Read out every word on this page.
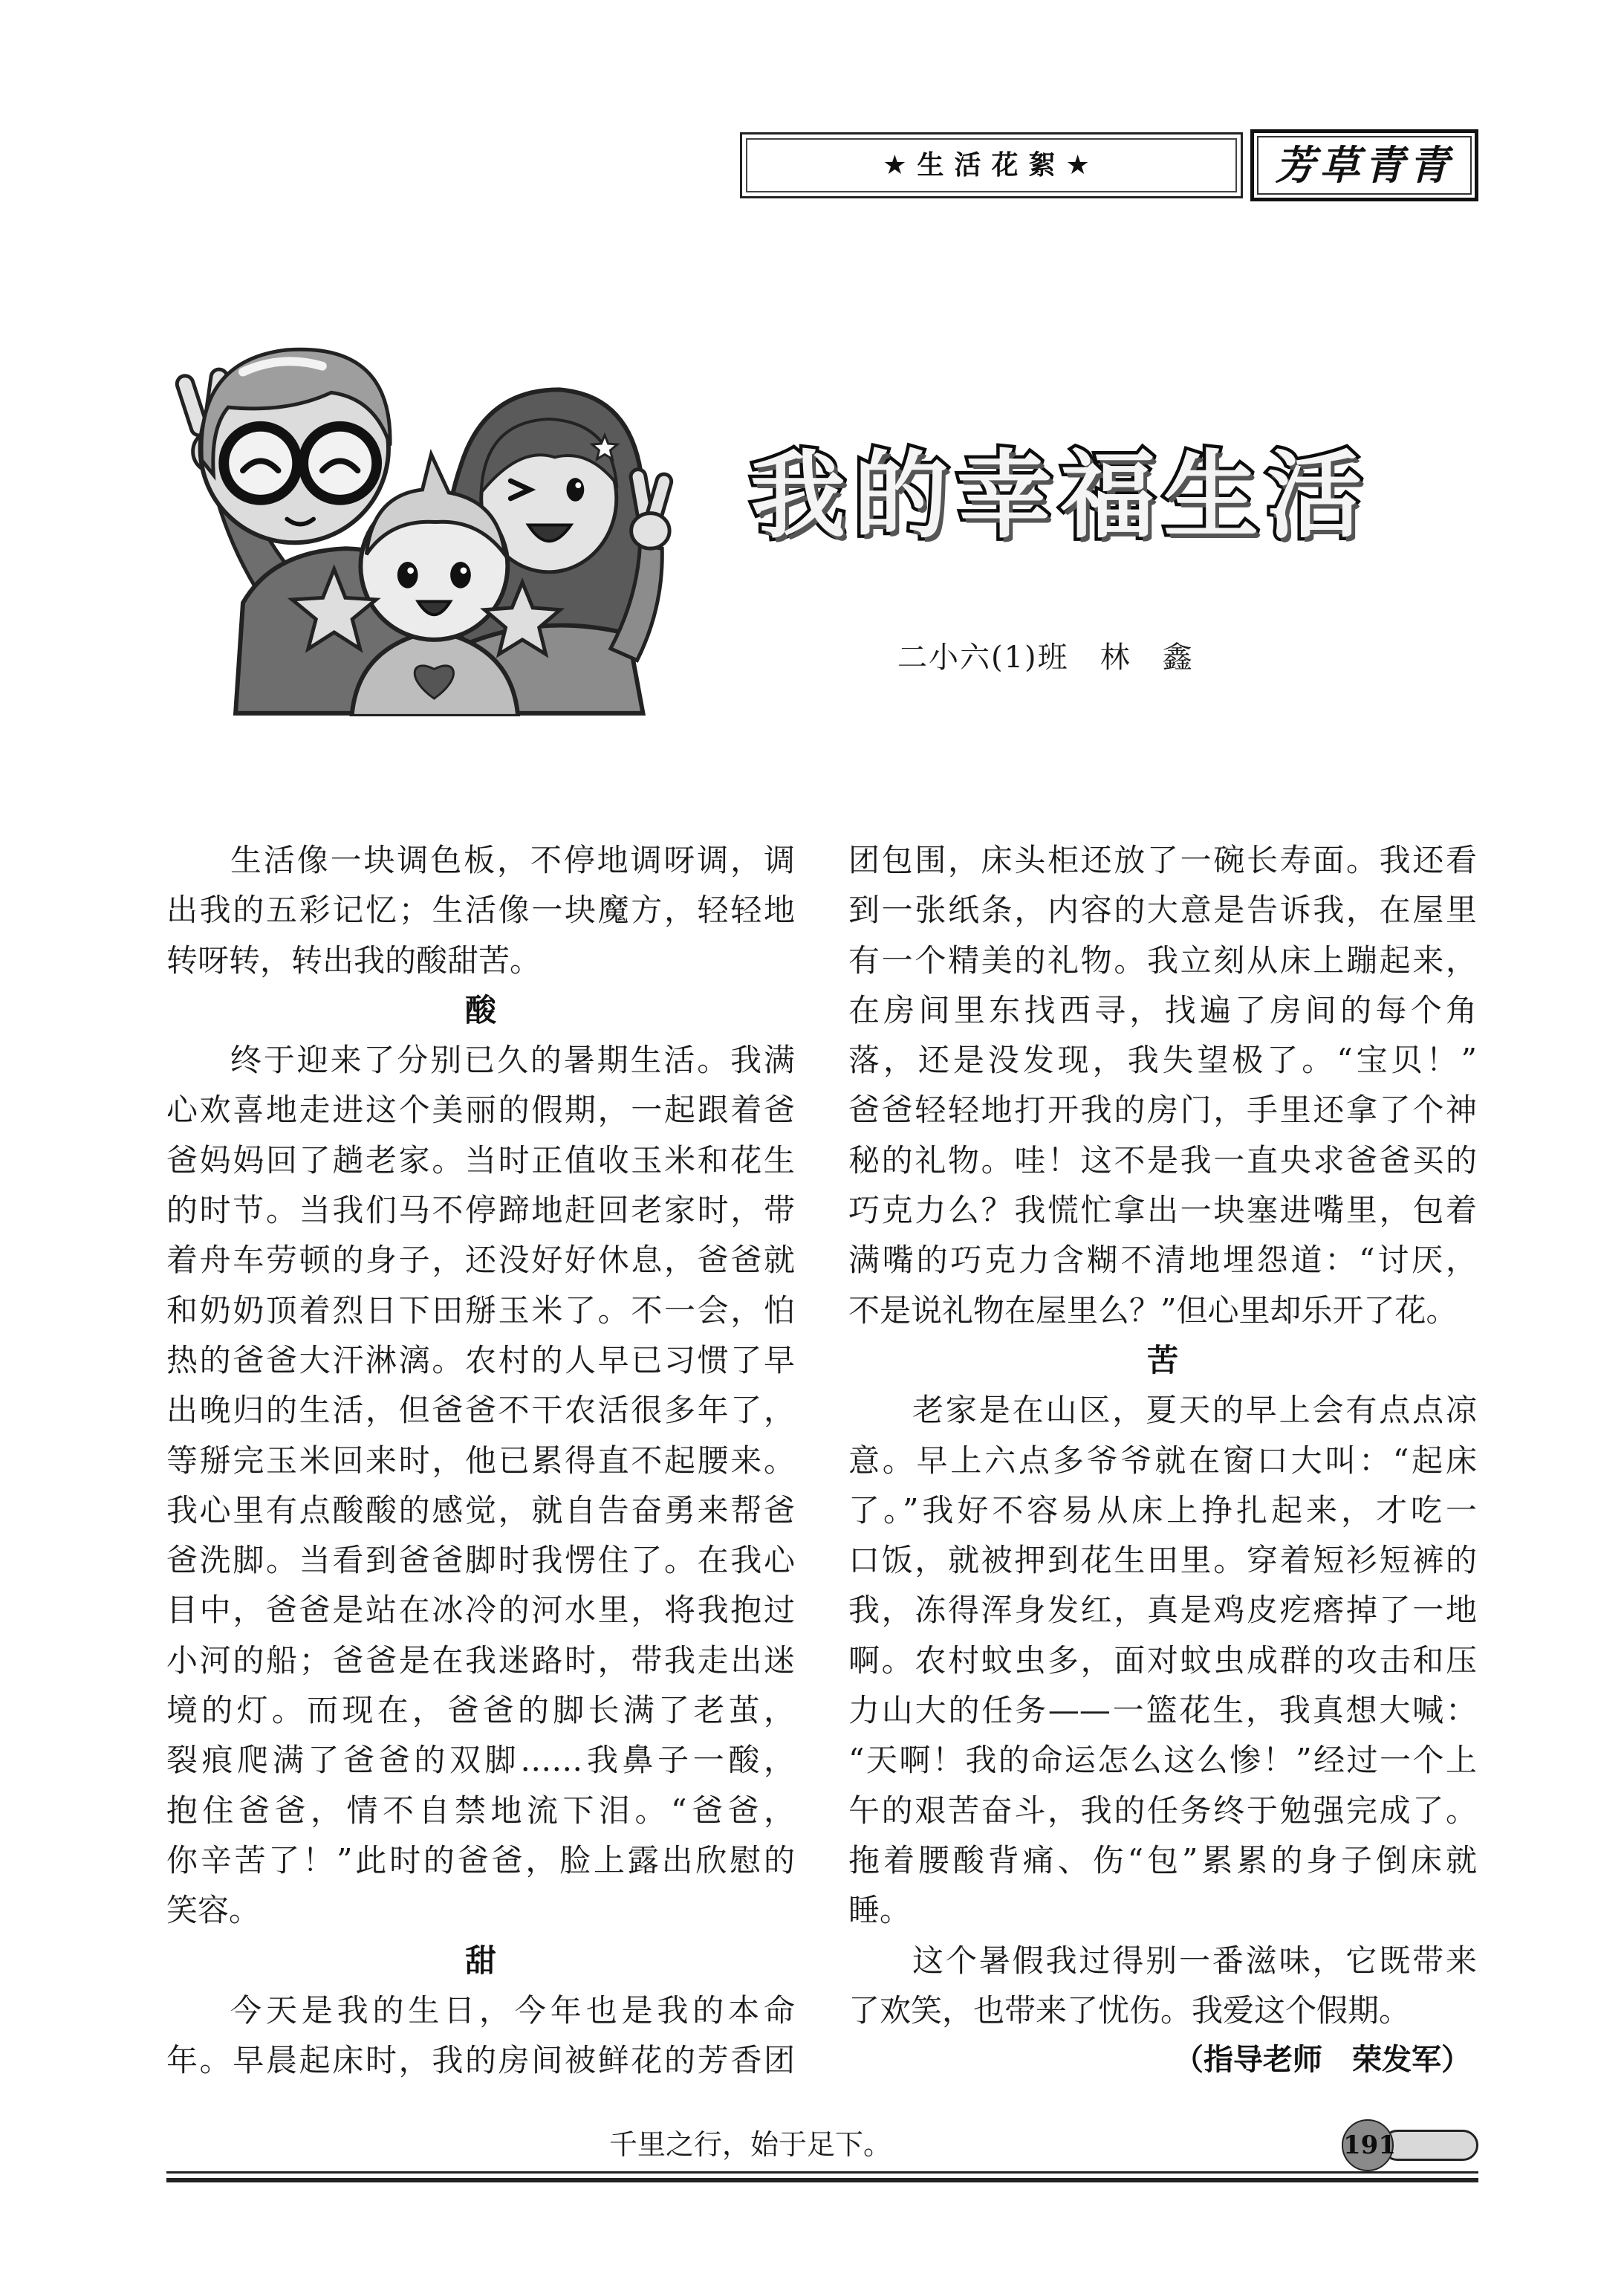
★生活花絮★	芳草青青
我的幸福生活
二小六(1)班　林　鑫
生活像一块调色板，不停地调呀调，调
出我的五彩记忆；生活像一块魔方，轻轻地
转呀转，转出我的酸甜苦。
酸
终于迎来了分别已久的暑期生活。我满
心欢喜地走进这个美丽的假期，一起跟着爸
爸妈妈回了趟老家。当时正值收玉米和花生
的时节。当我们马不停蹄地赶回老家时，带
着舟车劳顿的身子，还没好好休息，爸爸就
和奶奶顶着烈日下田掰玉米了。不一会，怕
热的爸爸大汗淋漓。农村的人早已习惯了早
出晚归的生活，但爸爸不干农活很多年了，
等掰完玉米回来时，他已累得直不起腰来。
我心里有点酸酸的感觉，就自告奋勇来帮爸
爸洗脚。当看到爸爸脚时我愣住了。在我心
目中，爸爸是站在冰冷的河水里，将我抱过
小河的船；爸爸是在我迷路时，带我走出迷
境的灯。而现在，爸爸的脚长满了老茧，
裂痕爬满了爸爸的双脚……我鼻子一酸，
抱住爸爸，情不自禁地流下泪。“爸爸，
你辛苦了！”此时的爸爸，脸上露出欣慰的
笑容。
甜
今天是我的生日，今年也是我的本命
年。早晨起床时，我的房间被鲜花的芳香团
团包围，床头柜还放了一碗长寿面。我还看
到一张纸条，内容的大意是告诉我，在屋里
有一个精美的礼物。我立刻从床上蹦起来，
在房间里东找西寻，找遍了房间的每个角
落，还是没发现，我失望极了。“宝贝！”
爸爸轻轻地打开我的房门，手里还拿了个神
秘的礼物。哇！这不是我一直央求爸爸买的
巧克力么？我慌忙拿出一块塞进嘴里，包着
满嘴的巧克力含糊不清地埋怨道：“讨厌，
不是说礼物在屋里么？”但心里却乐开了花。
苦
老家是在山区，夏天的早上会有点点凉
意。早上六点多爷爷就在窗口大叫：“起床
了。”我好不容易从床上挣扎起来，才吃一
口饭，就被押到花生田里。穿着短衫短裤的
我，冻得浑身发红，真是鸡皮疙瘩掉了一地
啊。农村蚊虫多，面对蚊虫成群的攻击和压
力山大的任务——一篮花生，我真想大喊：
“天啊！我的命运怎么这么惨！”经过一个上
午的艰苦奋斗，我的任务终于勉强完成了。
拖着腰酸背痛、伤“包”累累的身子倒床就
睡。
这个暑假我过得别一番滋味，它既带来
了欢笑，也带来了忧伤。我爱这个假期。
（指导老师　荣发军）
千里之行，始于足下。	191
